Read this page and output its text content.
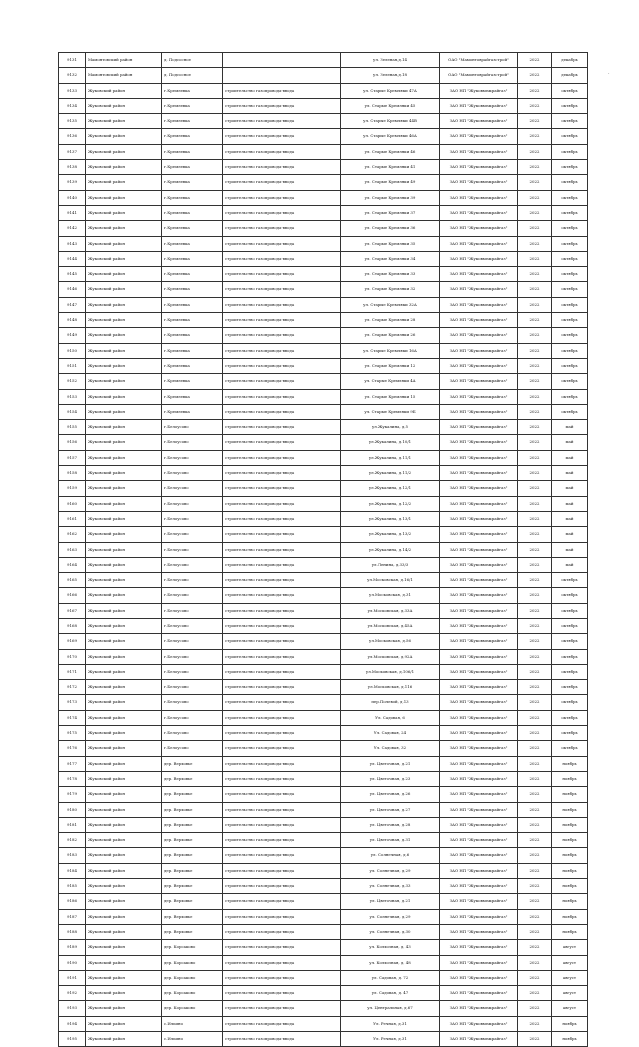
9131	Мамонтовский район	д. Подсосное		ул. Зеленая,д.14	ОАО "Мамонтоврайгазстрой"	2022	декабрь
9132	Мамонтовский район	д. Подсосное		ул. Зеленая,д.18	ОАО "Мамонтоврайгазстрой"	2022	декабрь
9133	Жуковский район	г.Кремлевка	строительство газопровода-ввода	ул. Старые Кремляки 47А	ЗАО НП "Жуковмежрайгаз"	2022	октябрь
9134	Жуковский район	г.Кремлевка	строительство газопровода-ввода	ул. Старые Кремляки 45	ЗАО НП "Жуковмежрайгаз"	2022	октябрь
9135	Жуковский район	г.Кремлевка	строительство газопровода-ввода	ул. Старые Кремляки 44В	ЗАО НП "Жуковмежрайгаз"	2022	октябрь
9136	Жуковский район	г.Кремлевка	строительство газопровода-ввода	ул. Старые Кремляки 46А	ЗАО НП "Жуковмежрайгаз"	2022	октябрь
9137	Жуковский район	г.Кремлевка	строительство газопровода-ввода	ул. Старые Кремляки 46	ЗАО НП "Жуковмежрайгаз"	2022	октябрь
9138	Жуковский район	г.Кремлевка	строительство газопровода-ввода	ул. Старые Кремляки 41	ЗАО НП "Жуковмежрайгаз"	2022	октябрь
9139	Жуковский район	г.Кремлевка	строительство газопровода-ввода	ул. Старые Кремляки 49	ЗАО НП "Жуковмежрайгаз"	2022	октябрь
9140	Жуковский район	г.Кремлевка	строительство газопровода-ввода	ул. Старые Кремляки 39	ЗАО НП "Жуковмежрайгаз"	2022	октябрь
9141	Жуковский район	г.Кремлевка	строительство газопровода-ввода	ул. Старые Кремляки 37	ЗАО НП "Жуковмежрайгаз"	2022	октябрь
9142	Жуковский район	г.Кремлевка	строительство газопровода-ввода	ул. Старые Кремляки 36	ЗАО НП "Жуковмежрайгаз"	2022	октябрь
9143	Жуковский район	г.Кремлевка	строительство газопровода-ввода	ул. Старые Кремляки 35	ЗАО НП "Жуковмежрайгаз"	2022	октябрь
9144	Жуковский район	г.Кремлевка	строительство газопровода-ввода	ул. Старые Кремляки 34	ЗАО НП "Жуковмежрайгаз"	2022	октябрь
9145	Жуковский район	г.Кремлевка	строительство газопровода-ввода	ул. Старые Кремляки 33	ЗАО НП "Жуковмежрайгаз"	2022	октябрь
9146	Жуковский район	г.Кремлевка	строительство газопровода-ввода	ул. Старые Кремляки 32	ЗАО НП "Жуковмежрайгаз"	2022	октябрь
9147	Жуковский район	г.Кремлевка	строительство газопровода-ввода	ул. Старые Кремляки 32А	ЗАО НП "Жуковмежрайгаз"	2022	октябрь
9148	Жуковский район	г.Кремлевка	строительство газопровода-ввода	ул. Старые Кремляки 28	ЗАО НП "Жуковмежрайгаз"	2022	октябрь
9149	Жуковский район	г.Кремлевка	строительство газопровода-ввода	ул. Старые Кремляки 26	ЗАО НП "Жуковмежрайгаз"	2022	октябрь
9150	Жуковский район	г.Кремлевка	строительство газопровода-ввода	ул. Старые Кремляки 16А	ЗАО НП "Жуковмежрайгаз"	2022	октябрь
9151	Жуковский район	г.Кремлевка	строительство газопровода-ввода	ул. Старые Кремляки 12	ЗАО НП "Жуковмежрайгаз"	2022	октябрь
9152	Жуковский район	г.Кремлевка	строительство газопровода-ввода	ул. Старые Кремляки 4А	ЗАО НП "Жуковмежрайгаз"	2022	октябрь
9153	Жуковский район	г.Кремлевка	строительство газопровода-ввода	ул. Старые Кремляки 15	ЗАО НП "Жуковмежрайгаз"	2022	октябрь
9154	Жуковский район	г.Кремлевка	строительство газопровода-ввода	ул. Старые Кремляки 9Б	ЗАО НП "Жуковмежрайгаз"	2022	октябрь
9155	Жуковский район	г.Белоусово	строительство газопровода-ввода	ул.Жукалина, д.5	ЗАО НП "Жуковмежрайгаз"	2022	май
9156	Жуковский район	г.Белоусово	строительство газопровода-ввода	ул.Жукалина, д.10/1	ЗАО НП "Жуковмежрайгаз"	2022	май
9157	Жуковский район	г.Белоусово	строительство газопровода-ввода	ул.Жукалина, д.11/1	ЗАО НП "Жуковмежрайгаз"	2022	май
9158	Жуковский район	г.Белоусово	строительство газопровода-ввода	ул.Жукалина, д.11/2	ЗАО НП "Жуковмежрайгаз"	2022	май
9159	Жуковский район	г.Белоусово	строительство газопровода-ввода	ул.Жукалина, д.12/1	ЗАО НП "Жуковмежрайгаз"	2022	май
9160	Жуковский район	г.Белоусово	строительство газопровода-ввода	ул.Жукалина, д.12/2	ЗАО НП "Жуковмежрайгаз"	2022	май
9161	Жуковский район	г.Белоусово	строительство газопровода-ввода	ул.Жукалина, д.13/1	ЗАО НП "Жуковмежрайгаз"	2022	май
9162	Жуковский район	г.Белоусово	строительство газопровода-ввода	ул.Жукалина, д.13/2	ЗАО НП "Жуковмежрайгаз"	2022	май
9163	Жуковский район	г.Белоусово	строительство газопровода-ввода	ул.Жукалина, д.14/2	ЗАО НП "Жуковмежрайгаз"	2022	май
9164	Жуковский район	г.Белоусово	строительство газопровода-ввода	ул.Ленина, д.33/3	ЗАО НП "Жуковмежрайгаз"	2022	май
9165	Жуковский район	г.Белоусово	строительство газопровода-ввода	ул.Московская, д.16/1	ЗАО НП "Жуковмежрайгаз"	2022	октябрь
9166	Жуковский район	г.Белоусово	строительство газопровода-ввода	ул.Московская, д.31	ЗАО НП "Жуковмежрайгаз"	2022	октябрь
9167	Жуковский район	г.Белоусово	строительство газопровода-ввода	ул.Московская, д.33А	ЗАО НП "Жуковмежрайгаз"	2022	октябрь
9168	Жуковский район	г.Белоусово	строительство газопровода-ввода	ул.Московская, д.45А	ЗАО НП "Жуковмежрайгаз"	2022	октябрь
9169	Жуковский район	г.Белоусово	строительство газопровода-ввода	ул.Московская, д.56	ЗАО НП "Жуковмежрайгаз"	2022	октябрь
9170	Жуковский район	г.Белоусово	строительство газопровода-ввода	ул.Московская, д.92А	ЗАО НП "Жуковмежрайгаз"	2022	октябрь
9171	Жуковский район	г.Белоусово	строительство газопровода-ввода	ул.Московская, д.106/1	ЗАО НП "Жуковмежрайгаз"	2022	октябрь
9172	Жуковский район	г.Белоусово	строительство газопровода-ввода	ул.Московская, д.116	ЗАО НП "Жуковмежрайгаз"	2022	октябрь
9173	Жуковский район	г.Белоусово	строительство газопровода-ввода	пер.Полевой, д.13	ЗАО НП "Жуковмежрайгаз"	2022	октябрь
9174	Жуковский район	г.Белоусово	строительство газопровода-ввода	Ул. Садовая, 6	ЗАО НП "Жуковмежрайгаз"	2022	октябрь
9175	Жуковский район	г.Белоусово	строительство газопровода-ввода	Ул. Садовая, 24	ЗАО НП "Жуковмежрайгаз"	2022	октябрь
9176	Жуковский район	г.Белоусово	строительство газопровода-ввода	Ул. Садовая, 32	ЗАО НП "Жуковмежрайгаз"	2022	октябрь
9177	Жуковский район	дер. Верховье	строительство газопровода-ввода	ул. Цветочная, д.21	ЗАО НП "Жуковмежрайгаз"	2022	ноябрь
9178	Жуковский район	дер. Верховье	строительство газопровода-ввода	ул. Цветочная, д.23	ЗАО НП "Жуковмежрайгаз"	2022	ноябрь
9179	Жуковский район	дер. Верховье	строительство газопровода-ввода	ул. Цветочная, д.26	ЗАО НП "Жуковмежрайгаз"	2022	ноябрь
9180	Жуковский район	дер. Верховье	строительство газопровода-ввода	ул. Цветочная, д.27	ЗАО НП "Жуковмежрайгаз"	2022	ноябрь
9181	Жуковский район	дер. Верховье	строительство газопровода-ввода	ул. Цветочная, д.28	ЗАО НП "Жуковмежрайгаз"	2022	ноябрь
9182	Жуковский район	дер. Верховье	строительство газопровода-ввода	ул. Цветочная, д.31	ЗАО НП "Жуковмежрайгаз"	2022	ноябрь
9183	Жуковский район	дер. Верховье	строительство газопровода-ввода	ул. Солнечная, д.6	ЗАО НП "Жуковмежрайгаз"	2022	ноябрь
9184	Жуковский район	дер. Верховье	строительство газопровода-ввода	ул. Солнечная, д.29	ЗАО НП "Жуковмежрайгаз"	2022	ноябрь
9185	Жуковский район	дер. Верховье	строительство газопровода-ввода	ул. Солнечная, д.33	ЗАО НП "Жуковмежрайгаз"	2022	ноябрь
9186	Жуковский район	дер. Верховье	строительство газопровода-ввода	ул. Цветочная, д.21	ЗАО НП "Жуковмежрайгаз"	2022	ноябрь
9187	Жуковский район	дер. Верховье	строительство газопровода-ввода	ул. Солнечная, д.29	ЗАО НП "Жуковмежрайгаз"	2022	ноябрь
9188	Жуковский район	дер. Верховье	строительство газопровода-ввода	ул. Солнечная, д.30	ЗАО НП "Жуковмежрайгаз"	2022	ноябрь
9189	Жуковский район	дер. Корсаково	строительство газопровода-ввода	ул. Колхозная, д. 43	ЗАО НП "Жуковмежрайгаз"	2022	август
9190	Жуковский район	дер. Корсаково	строительство газопровода-ввода	ул. Колхозная, д. 48	ЗАО НП "Жуковмежрайгаз"	2022	август
9191	Жуковский район	дер. Корсаково	строительство газопровода-ввода	ул. Садовая, д. 72	ЗАО НП "Жуковмежрайгаз"	2022	август
9192	Жуковский район	дер. Корсаково	строительство газопровода-ввода	ул. Садовая, д. 47	ЗАО НП "Жуковмежрайгаз"	2022	август
9193	Жуковский район	дер. Корсаково	строительство газопровода-ввода	ул. Центральная, д.67	ЗАО НП "Жуковмежрайгаз"	2022	август
9194	Жуковский район	с.Ильино	строительство газопровода-ввода	Ул. Речная, д.31	ЗАО НП "Жуковмежрайгаз"	2022	ноябрь
9195	Жуковский район	с.Ильино	строительство газопровода-ввода	Ул. Речная, д.31	ЗАО НП "Жуковмежрайгаз"	2022	ноябрь
·
